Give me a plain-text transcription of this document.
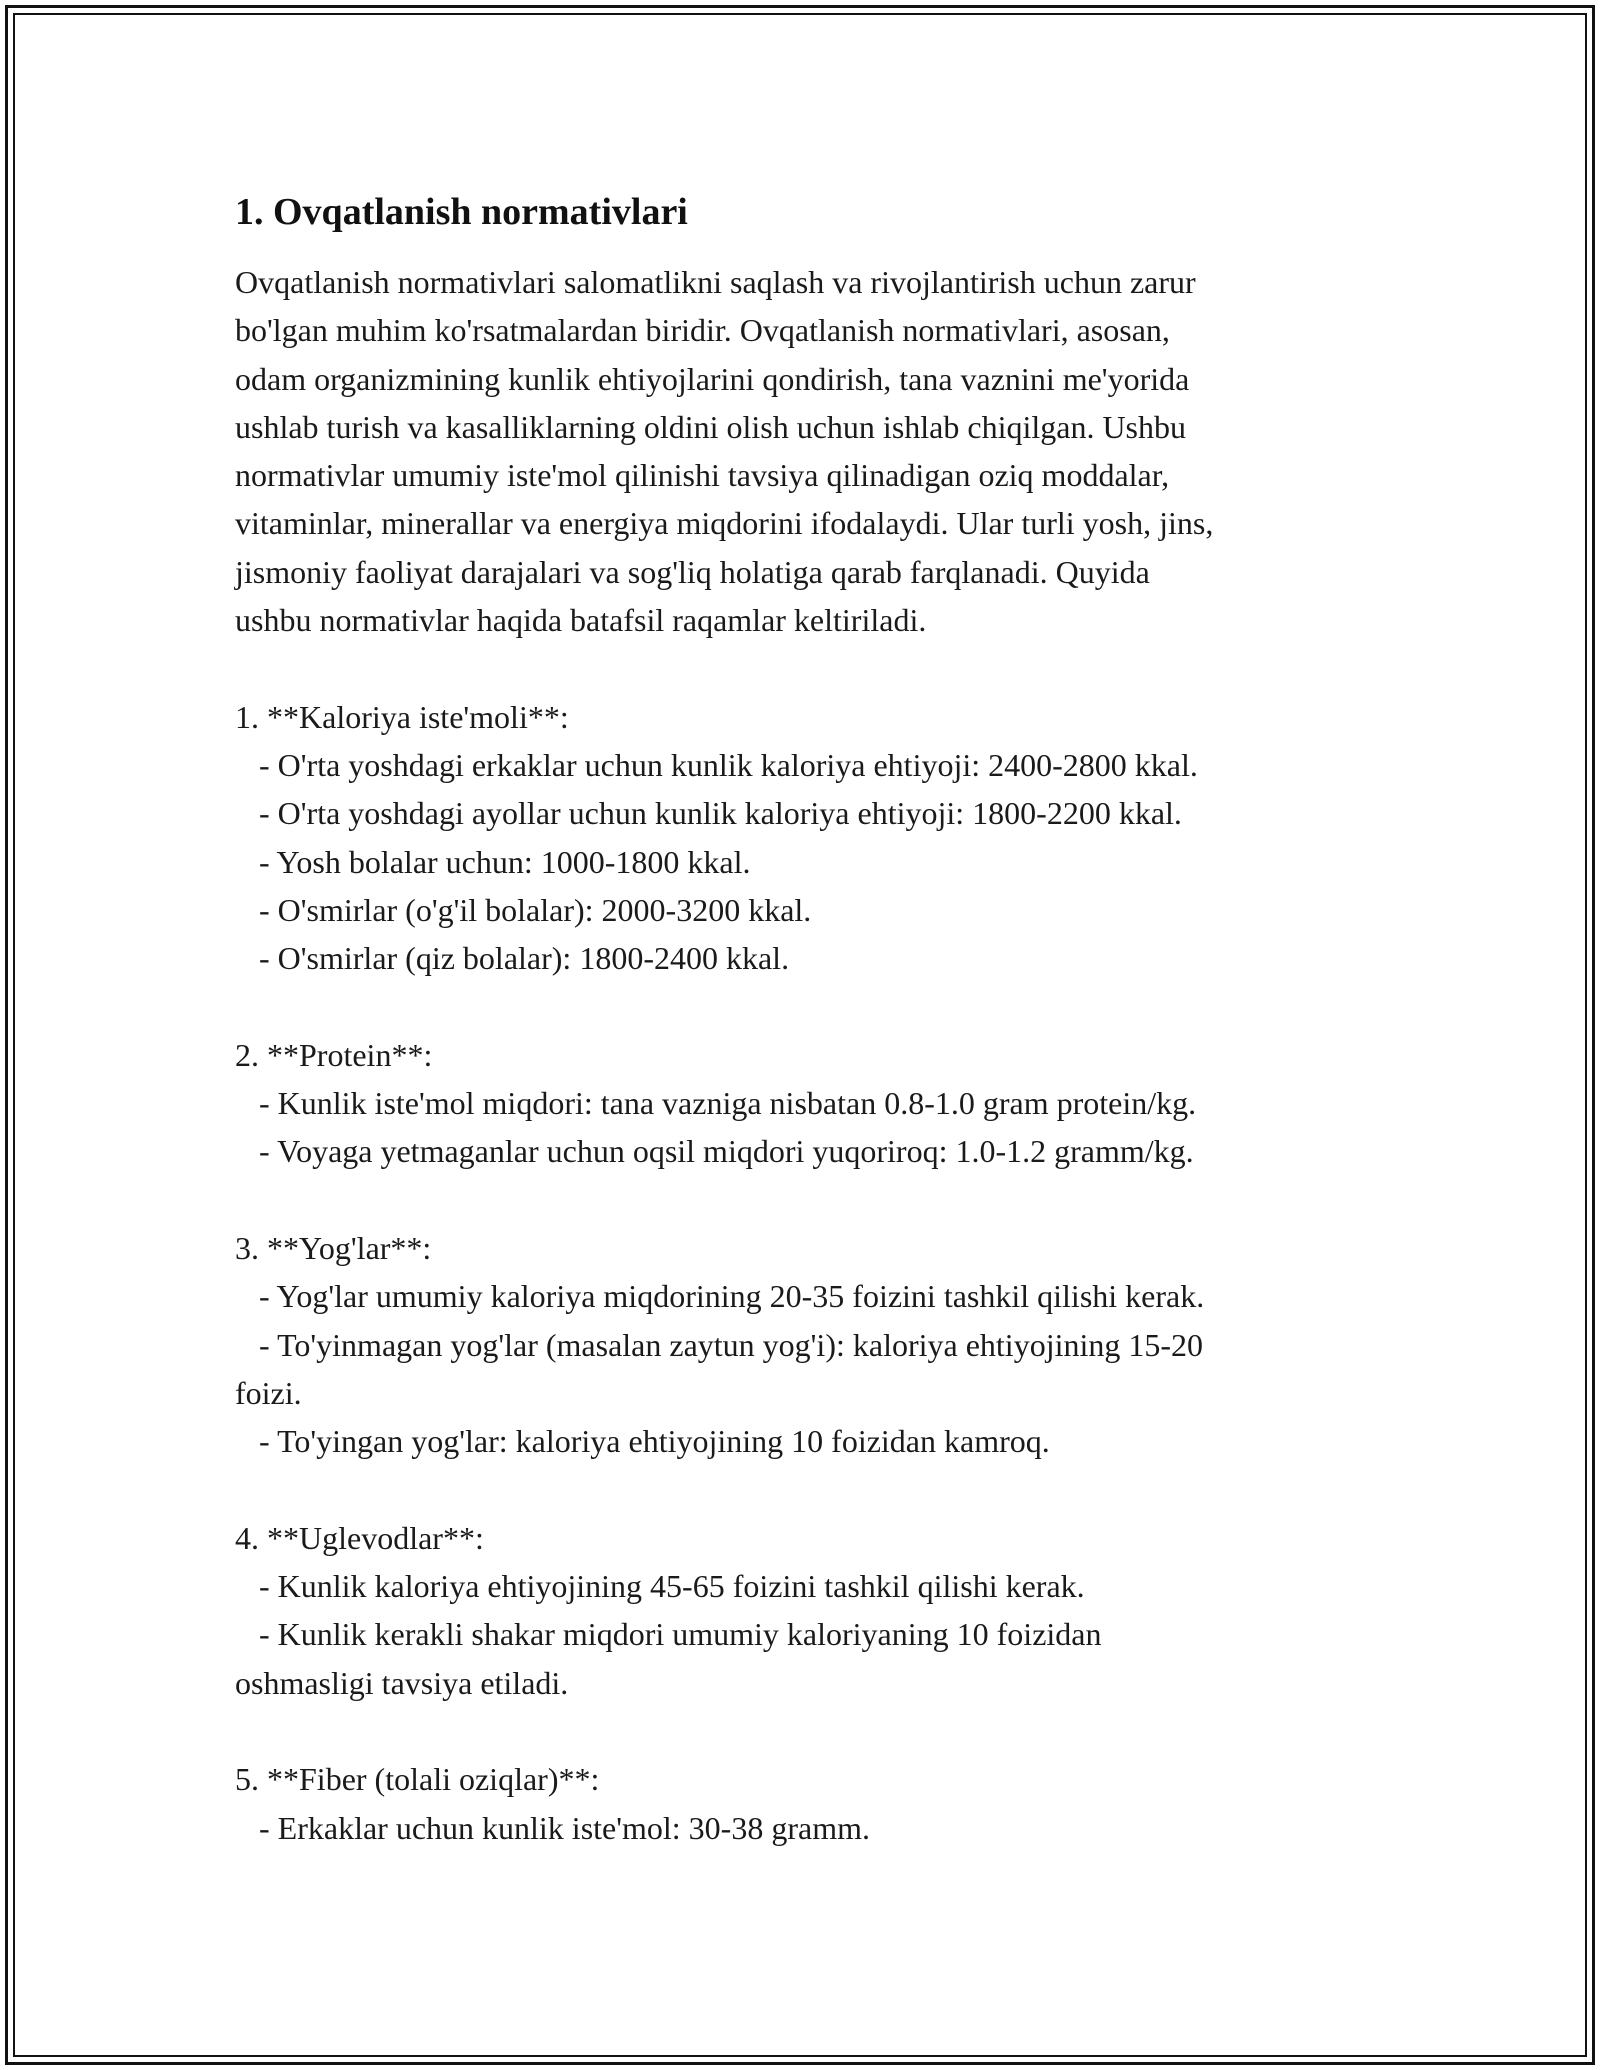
1. Ovqatlanish normativlari

Ovqatlanish normativlari salomatlikni saqlash va rivojlantirish uchun zarur

bo'lgan muhim ko'rsatmalardan biridir. Ovqatlanish normativlari, asosan,

odam organizmining kunlik ehtiyojlarini qondirish, tana vaznini me'yorida

ushlab turish va kasalliklarning oldini olish uchun ishlab chiqilgan. Ushbu

normativlar umumiy iste'mol qilinishi tavsiya qilinadigan oziq moddalar,

vitaminlar, minerallar va energiya miqdorini ifodalaydi. Ular turli yosh, jins,

jismoniy faoliyat darajalari va sog'liq holatiga qarab farqlanadi. Quyida

ushbu normativlar haqida batafsil raqamlar keltiriladi.

1. **Kaloriya iste'moli**:

- O'rta yoshdagi erkaklar uchun kunlik kaloriya ehtiyoji: 2400-2800 kkal.

- O'rta yoshdagi ayollar uchun kunlik kaloriya ehtiyoji: 1800-2200 kkal.

- Yosh bolalar uchun: 1000-1800 kkal.

- O'smirlar (o'g'il bolalar): 2000-3200 kkal.

- O'smirlar (qiz bolalar): 1800-2400 kkal.

2. **Protein**:

- Kunlik iste'mol miqdori: tana vazniga nisbatan 0.8-1.0 gram protein/kg.

- Voyaga yetmaganlar uchun oqsil miqdori yuqoriroq: 1.0-1.2 gramm/kg.

3. **Yog'lar**:

- Yog'lar umumiy kaloriya miqdorining 20-35 foizini tashkil qilishi kerak.

- To'yinmagan yog'lar (masalan zaytun yog'i): kaloriya ehtiyojining 15-20

foizi.

- To'yingan yog'lar: kaloriya ehtiyojining 10 foizidan kamroq.

4. **Uglevodlar**:

- Kunlik kaloriya ehtiyojining 45-65 foizini tashkil qilishi kerak.

- Kunlik kerakli shakar miqdori umumiy kaloriyaning 10 foizidan

oshmasligi tavsiya etiladi.

5. **Fiber (tolali oziqlar)**:

- Erkaklar uchun kunlik iste'mol: 30-38 gramm.
